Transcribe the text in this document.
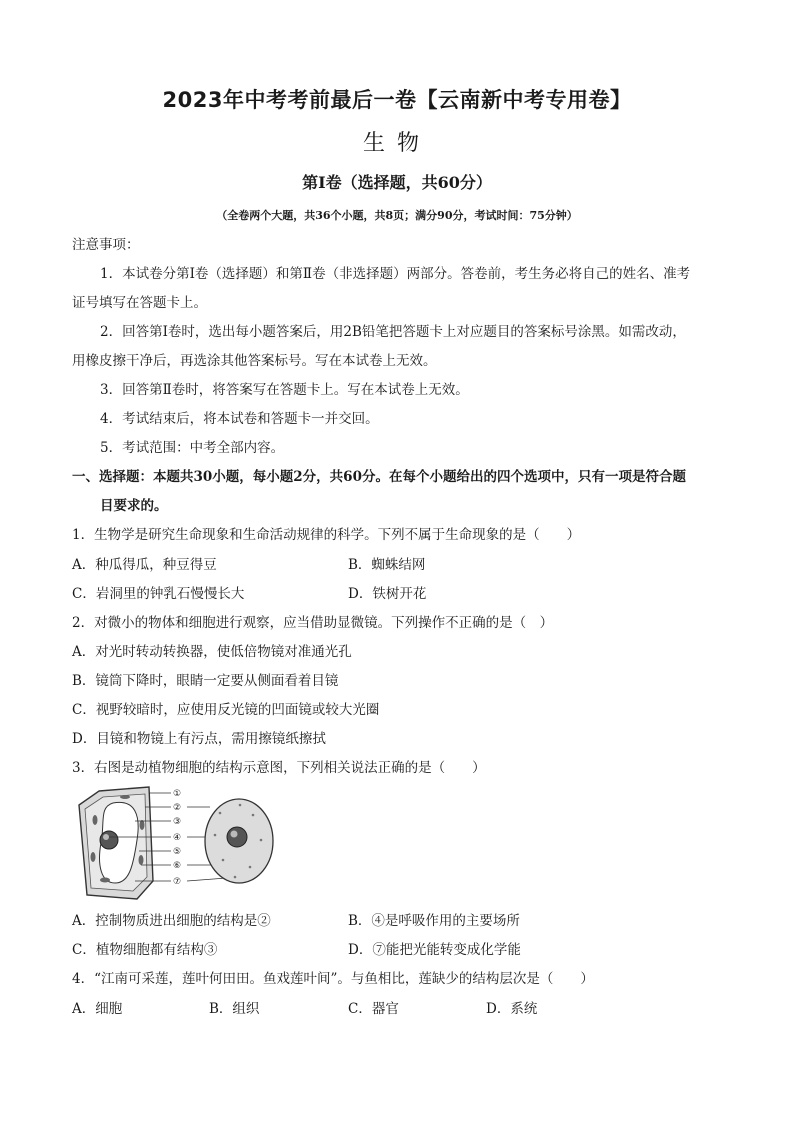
2023年中考考前最后一卷【云南新中考专用卷】
生物
第Ⅰ卷（选择题，共60分）
（全卷两个大题，共36个小题，共8页；满分90分，考试时间：75分钟）
注意事项：
1．本试卷分第Ⅰ卷（选择题）和第Ⅱ卷（非选择题）两部分。答卷前，考生务必将自己的姓名、准考
证号填写在答题卡上。
2．回答第Ⅰ卷时，选出每小题答案后，用2B铅笔把答题卡上对应题目的答案标号涂黑。如需改动，
用橡皮擦干净后，再选涂其他答案标号。写在本试卷上无效。
3．回答第Ⅱ卷时，将答案写在答题卡上。写在本试卷上无效。
4．考试结束后，将本试卷和答题卡一并交回。
5．考试范围：中考全部内容。
一、选择题：本题共30小题，每小题2分，共60分。在每个小题给出的四个选项中，只有一项是符合题
目要求的。
1．生物学是研究生命现象和生命活动规律的科学。下列不属于生命现象的是（　　）
A．种瓜得瓜，种豆得豆	B．蜘蛛结网
C．岩洞里的钟乳石慢慢长大	D．铁树开花
2．对微小的物体和细胞进行观察，应当借助显微镜。下列操作不正确的是（　）
A．对光时转动转换器，使低倍物镜对准通光孔
B．镜筒下降时，眼睛一定要从侧面看着目镜
C．视野较暗时，应使用反光镜的凹面镜或较大光圈
D．目镜和物镜上有污点，需用擦镜纸擦拭
3．右图是动植物细胞的结构示意图，下列相关说法正确的是（　　）
①
②
③
④
⑤
⑥
⑦
A．控制物质进出细胞的结构是②	B．④是呼吸作用的主要场所
C．植物细胞都有结构③	D．⑦能把光能转变成化学能
4．“江南可采莲，莲叶何田田。鱼戏莲叶间”。与鱼相比，莲缺少的结构层次是（　　）
A．细胞	B．组织	C．器官	D．系统
